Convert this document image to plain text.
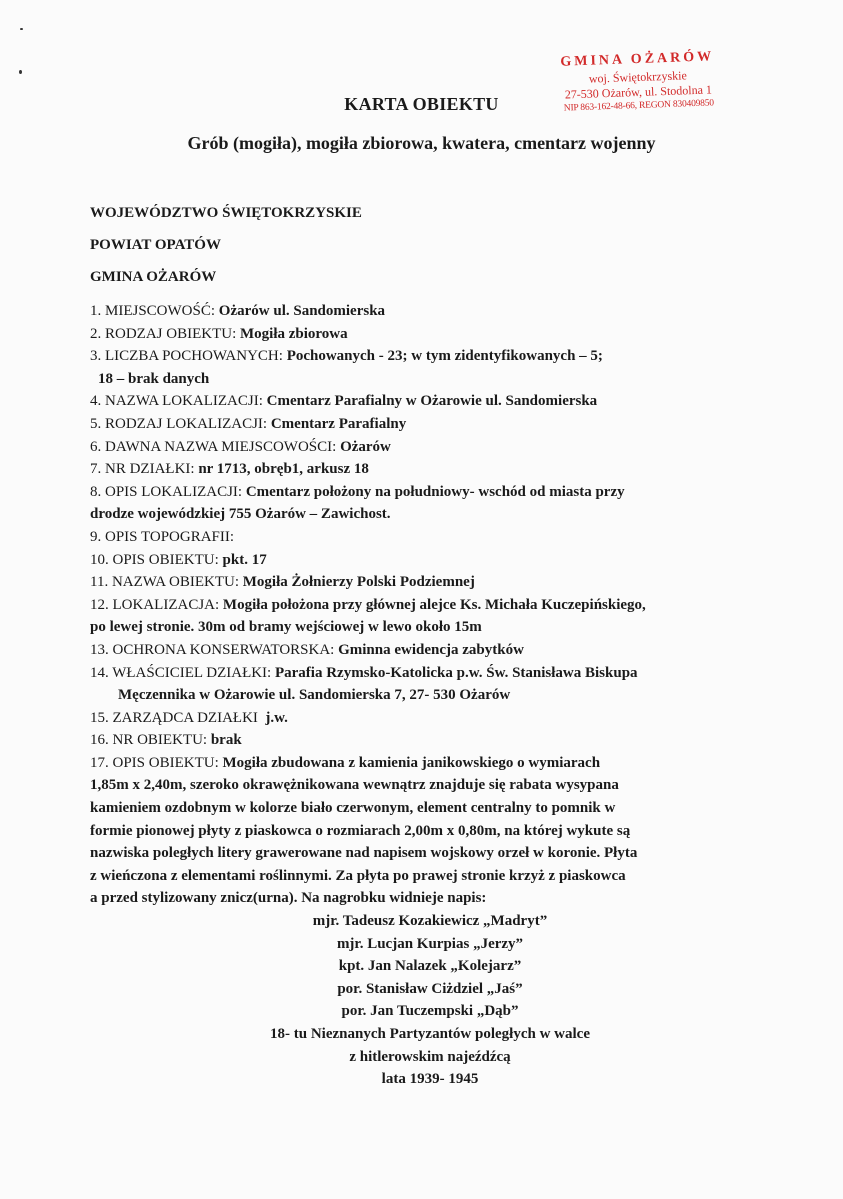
GMINA OŻARÓW
woj. Świętokrzyskie
27-530 Ożarów, ul. Stodolna 1
NIP 863-162-48-66, REGON 830409850
KARTA OBIEKTU
Grób (mogiła), mogiła zbiorowa, kwatera, cmentarz wojenny
WOJEWÓDZTWO ŚWIĘTOKRZYSKIE
POWIAT OPATÓW
GMINA OŻARÓW
1. MIEJSCOWOŚĆ: Ożarów ul. Sandomierska
2. RODZAJ OBIEKTU: Mogiła zbiorowa
3. LICZBA POCHOWANYCH: Pochowanych - 23; w tym zidentyfikowanych – 5;
18 – brak danych
4. NAZWA LOKALIZACJI: Cmentarz Parafialny w Ożarowie ul. Sandomierska
5. RODZAJ LOKALIZACJI: Cmentarz Parafialny
6. DAWNA NAZWA MIEJSCOWOŚCI: Ożarów
7. NR DZIAŁKI: nr 1713, obręb1, arkusz 18
8. OPIS LOKALIZACJI: Cmentarz położony na południowy- wschód od miasta przy
drodze wojewódzkiej 755 Ożarów – Zawichost.
9. OPIS TOPOGRAFII:
10. OPIS OBIEKTU: pkt. 17
11. NAZWA OBIEKTU: Mogiła Żołnierzy Polski Podziemnej
12. LOKALIZACJA: Mogiła położona przy głównej alejce Ks. Michała Kuczepińskiego,
po lewej stronie. 30m od bramy wejściowej w lewo około 15m
13. OCHRONA KONSERWATORSKA: Gminna ewidencja zabytków
14. WŁAŚCICIEL DZIAŁKI: Parafia Rzymsko-Katolicka p.w. Św. Stanisława Biskupa
Męczennika w Ożarowie ul. Sandomierska 7, 27- 530 Ożarów
15. ZARZĄDCA DZIAŁKI j.w.
16. NR OBIEKTU: brak
17. OPIS OBIEKTU: Mogiła zbudowana z kamienia janikowskiego o wymiarach
1,85m x 2,40m, szeroko okrawężnikowana wewnątrz znajduje się rabata wysypana
kamieniem ozdobnym w kolorze biało czerwonym, element centralny to pomnik w
formie pionowej płyty z piaskowca o rozmiarach 2,00m x 0,80m, na której wykute są
nazwiska poległych litery grawerowane nad napisem wojskowy orzeł w koronie. Płyta
z wieńczona z elementami roślinnymi. Za płyta po prawej stronie krzyż z piaskowca
a przed stylizowany znicz(urna). Na nagrobku widnieje napis:
mjr. Tadeusz Kozakiewicz „Madryt”
mjr. Lucjan Kurpias „Jerzy”
kpt. Jan Nalazek „Kolejarz”
por. Stanisław Ciżdziel „Jaś”
por. Jan Tuczempski „Dąb”
18- tu Nieznanych Partyzantów poległych w walce
z hitlerowskim najeźdźcą
lata 1939- 1945
